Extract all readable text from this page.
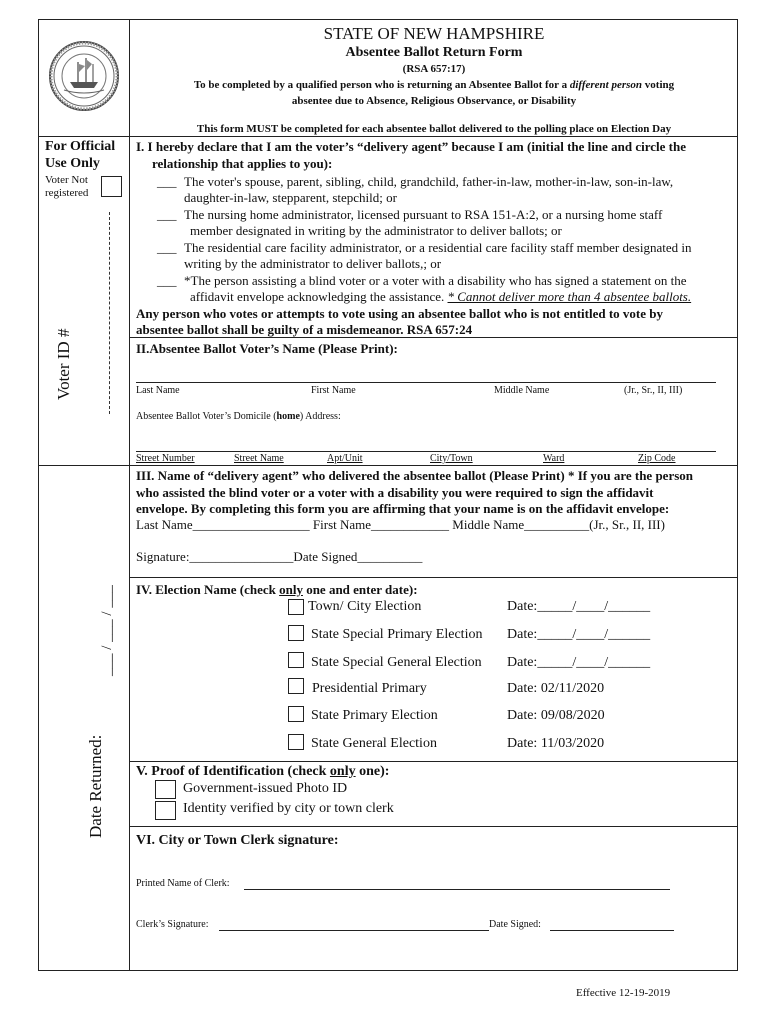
STATE OF NEW HAMPSHIRE
Absentee Ballot Return Form
(RSA 657:17)
To be completed by a qualified person who is returning an Absentee Ballot for a different person voting
absentee due to Absence, Religious Observance, or Disability
This form MUST be completed for each absentee ballot delivered to the polling place on Election Day
For Official
Use Only
Voter Not
registered
Voter ID #
Date Returned:
___ / ___ / ___
I. I hereby declare that I am the voter’s “delivery agent” because I am (initial the line and circle the
relationship that applies to you):
___ The voter's spouse, parent, sibling, child, grandchild, father-in-law, mother-in-law, son-in-law,
daughter-in-law, stepparent, stepchild; or
___ The nursing home administrator, licensed pursuant to RSA 151-A:2, or a nursing home staff
member designated in writing by the administrator to deliver ballots; or
___ The residential care facility administrator, or a residential care facility staff member designated in
writing by the administrator to deliver ballots,; or
___ *The person assisting a blind voter or a voter with a disability who has signed a statement on the
affidavit envelope acknowledging the assistance. * Cannot deliver more than 4 absentee ballots.
Any person who votes or attempts to vote using an absentee ballot who is not entitled to vote by
absentee ballot shall be guilty of a misdemeanor. RSA 657:24
II.Absentee Ballot Voter’s Name (Please Print):
Last Name	First Name	Middle Name	(Jr., Sr., II, III)
Absentee Ballot Voter’s Domicile (home) Address:
Street Number	Street Name	Apt/Unit	City/Town	Ward	Zip Code
III. Name of “delivery agent” who delivered the absentee ballot (Please Print) * If you are the person
who assisted the blind voter or a voter with a disability you were required to sign the affidavit
envelope. By completing this form you are affirming that your name is on the affidavit envelope:
Last Name__________________ First Name____________ Middle Name__________(Jr., Sr., II, III)
Signature:________________Date Signed__________
IV. Election Name (check only one and enter date):
Town/ City Election	Date:_____/____/______
State Special Primary Election Date:_____/____/______
State Special General Election Date:_____/____/______
Presidential Primary	Date: 02/11/2020
State Primary Election	Date: 09/08/2020
State General Election	Date: 11/03/2020
V. Proof of Identification (check only one):
Government-issued Photo ID
Identity verified by city or town clerk
VI. City or Town Clerk signature:
Printed Name of Clerk:
Clerk’s Signature:	Date Signed:
Effective 12-19-2019
